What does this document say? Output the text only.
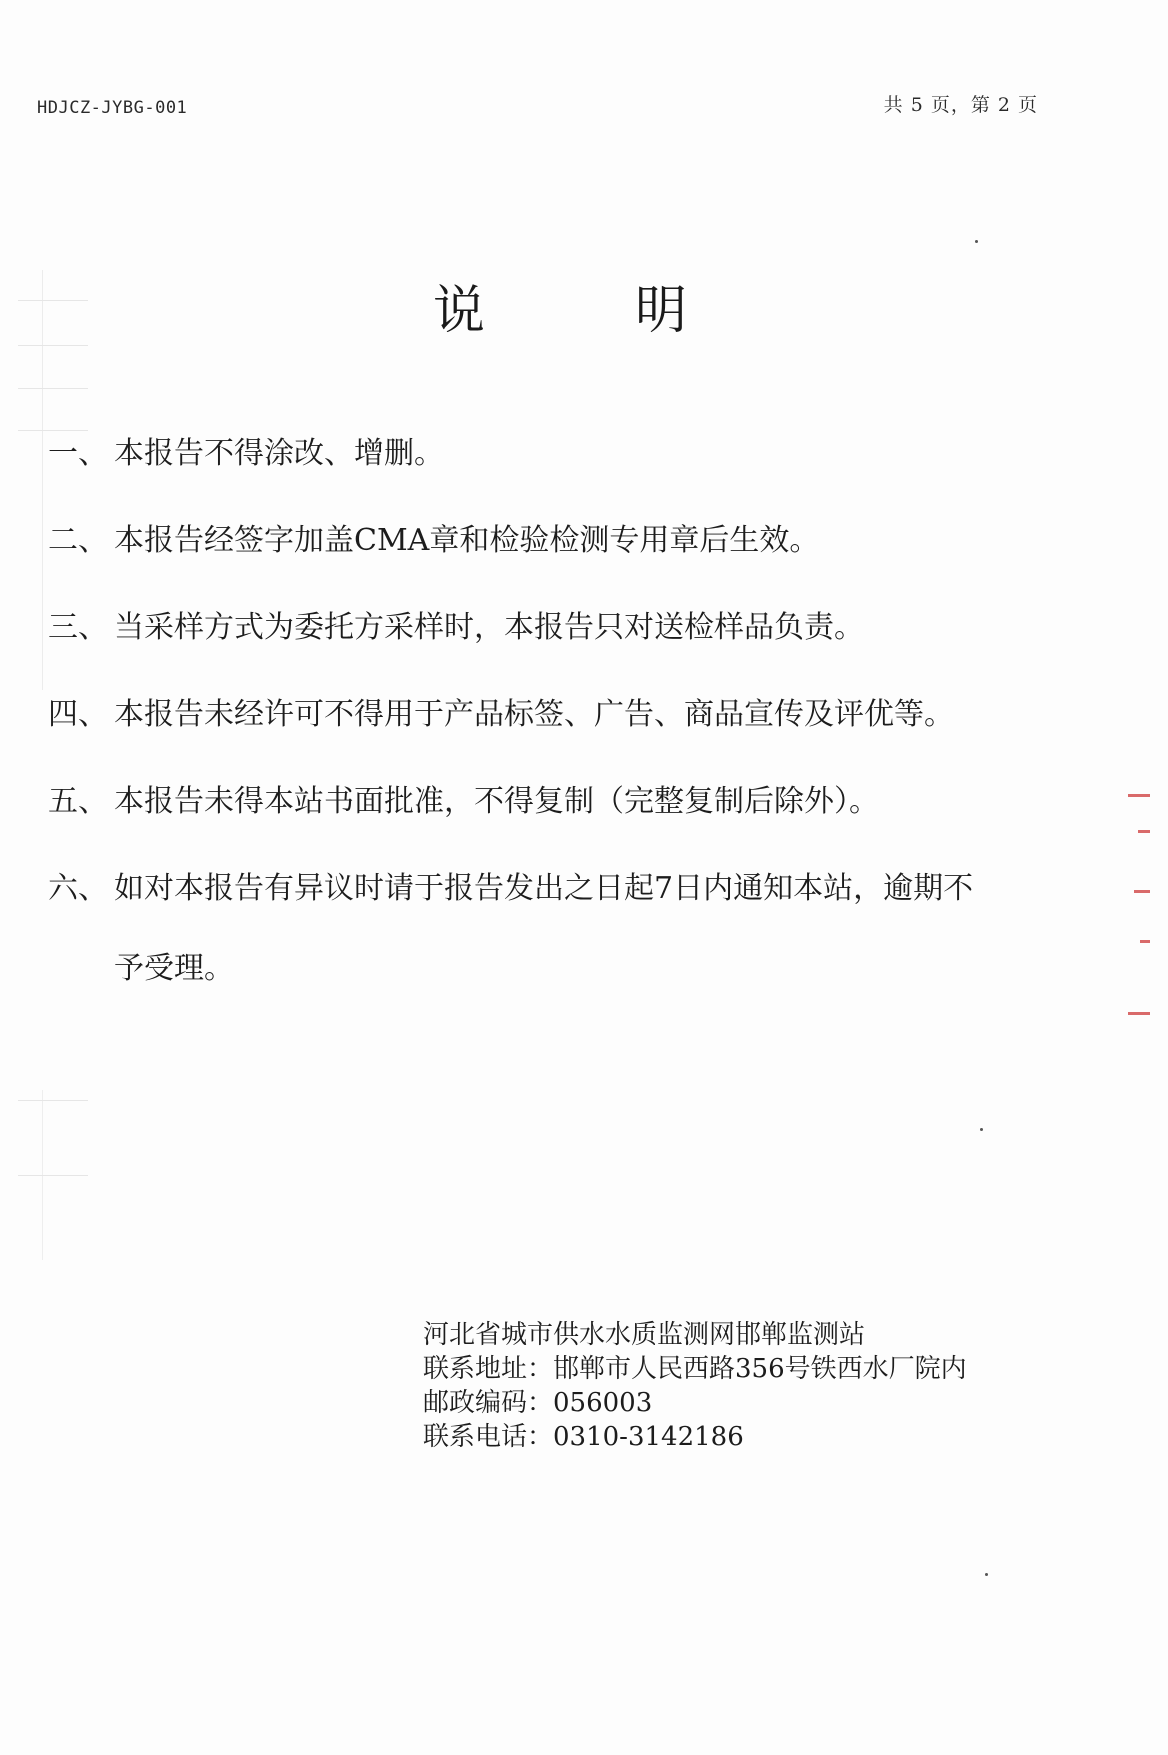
HDJCZ-JYBG-001	共 5 页，第 2 页
说明
一、 本报告不得涂改、增删。
二、 本报告经签字加盖CMA章和检验检测专用章后生效。
三、 当采样方式为委托方采样时，本报告只对送检样品负责。
四、 本报告未经许可不得用于产品标签、广告、商品宣传及评优等。
五、 本报告未得本站书面批准，不得复制（完整复制后除外）。
六、 如对本报告有异议时请于报告发出之日起7日内通知本站，逾期不
予受理。
河北省城市供水水质监测网邯郸监测站
联系地址：邯郸市人民西路356号铁西水厂院内
邮政编码：056003
联系电话：0310-3142186
